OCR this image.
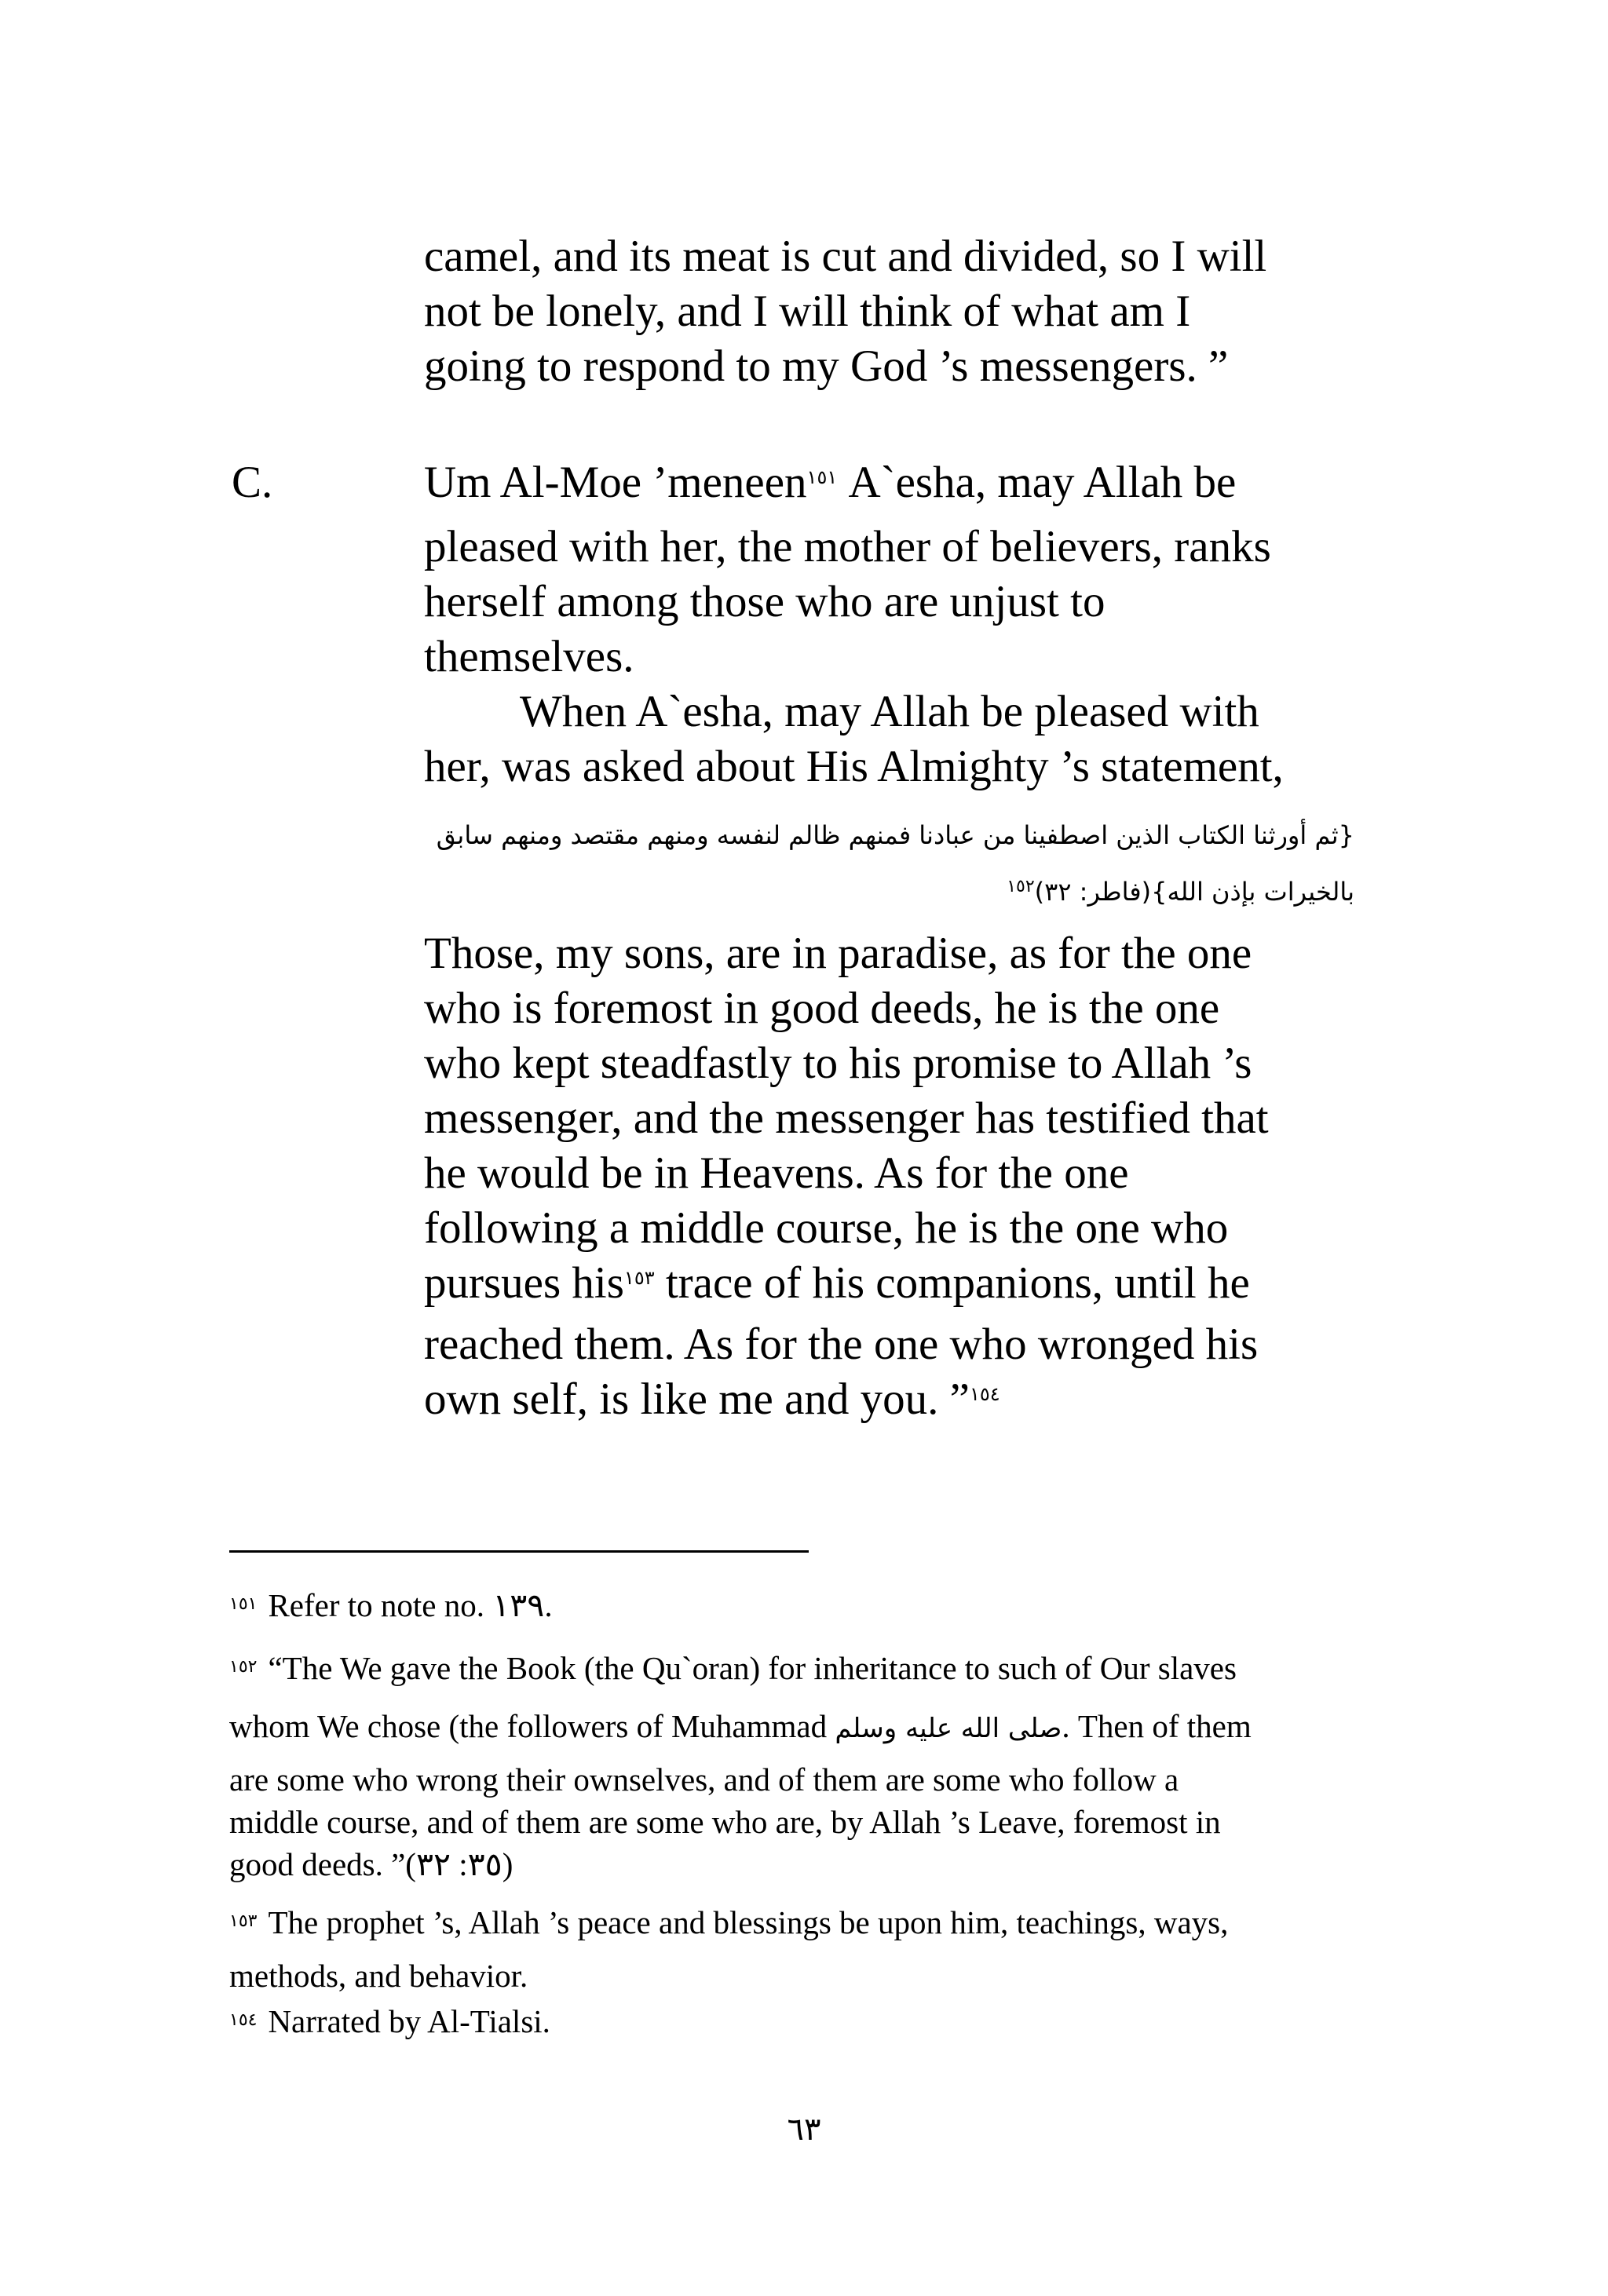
camel, and its meat is cut and divided, so I will
not be lonely, and I will think of what am I
going to respond to my God ’s messengers. ”
C.	Um Al-Moe ’meneen$^{١٥١}$ A`esha, may Allah be
pleased with her, the mother of believers, ranks
herself among those who are unjust to
themselves.
When A`esha, may Allah be pleased with
her, was asked about His Almighty ’s statement,
{ثم أورثنا الكتاب الذين اصطفينا من عبادنا فمنهم ظالم لنفسه ومنهم مقتصد ومنهم سابق
بالخيرات بإذن الله}(فاطر: ٣٢)$^{١٥٢}$
Those, my sons, are in paradise, as for the one
who is foremost in good deeds, he is the one
who kept steadfastly to his promise to Allah ’s
messenger, and the messenger has testified that
he would be in Heavens. As for the one
following a middle course, he is the one who
pursues his$^{١٥٣}$ trace of his companions, until he
reached them. As for the one who wronged his
own self, is like me and you. ”$^{١٥٤}$
$^{١٥١}$ Refer to note no. ١٣٩.
$^{١٥٢}$ “The We gave the Book (the Qu`oran) for inheritance to such of Our slaves
whom We chose (the followers of Muhammad صلى الله عليه وسلم. Then of them
are some who wrong their ownselves, and of them are some who follow a
middle course, and of them are some who are, by Allah ’s Leave, foremost in
good deeds. ”(٣٥: ٣٢)
$^{١٥٣}$ The prophet ’s, Allah ’s peace and blessings be upon him, teachings, ways,
methods, and behavior.
$^{١٥٤}$ Narrated by Al-Tialsi.
٦٣
